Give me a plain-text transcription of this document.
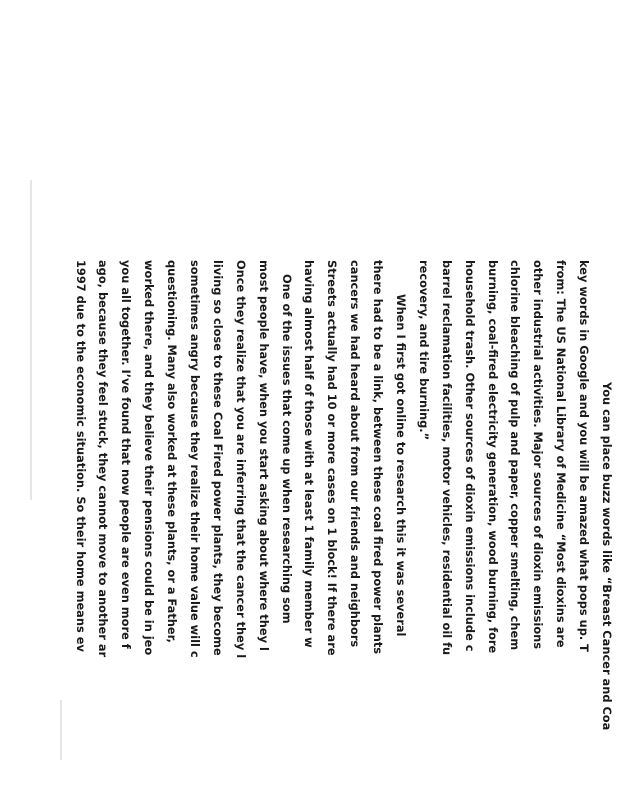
You can place buzz words like “Breast Cancer and Coa
key words in Google and you will be amazed what pops up. T
from: The US National Library of Medicine “Most dioxins are
other industrial activities. Major sources of dioxin emissions
chlorine bleaching of pulp and paper, copper smelting, chem
burning, coal-fired electricity generation, wood burning, fore
household trash. Other sources of dioxin emissions include c
barrel reclamation facilities, motor vehicles, residential oil fu
recovery, and tire burning.”
When I first got online to research this it was several
there had to be a link, between these coal fired power plants
cancers we had heard about from our friends and neighbors
Streets actually had 10 or more cases on 1 block! If there are
having almost half of those with at least 1 family member w
One of the issues that come up when researching som
most people have, when you start asking about where they l
Once they realize that you are inferring that the cancer they l
living so close to these Coal Fired power plants, they become
sometimes angry because they realize their home value will c
questioning. Many also worked at these plants, or a Father,
worked there, and they believe their pensions could be in jeo
you all together. I’ve found that now people are even more f
ago, because they feel stuck, they cannot move to another ar
1997 due to the economic situation. So their home means ev
